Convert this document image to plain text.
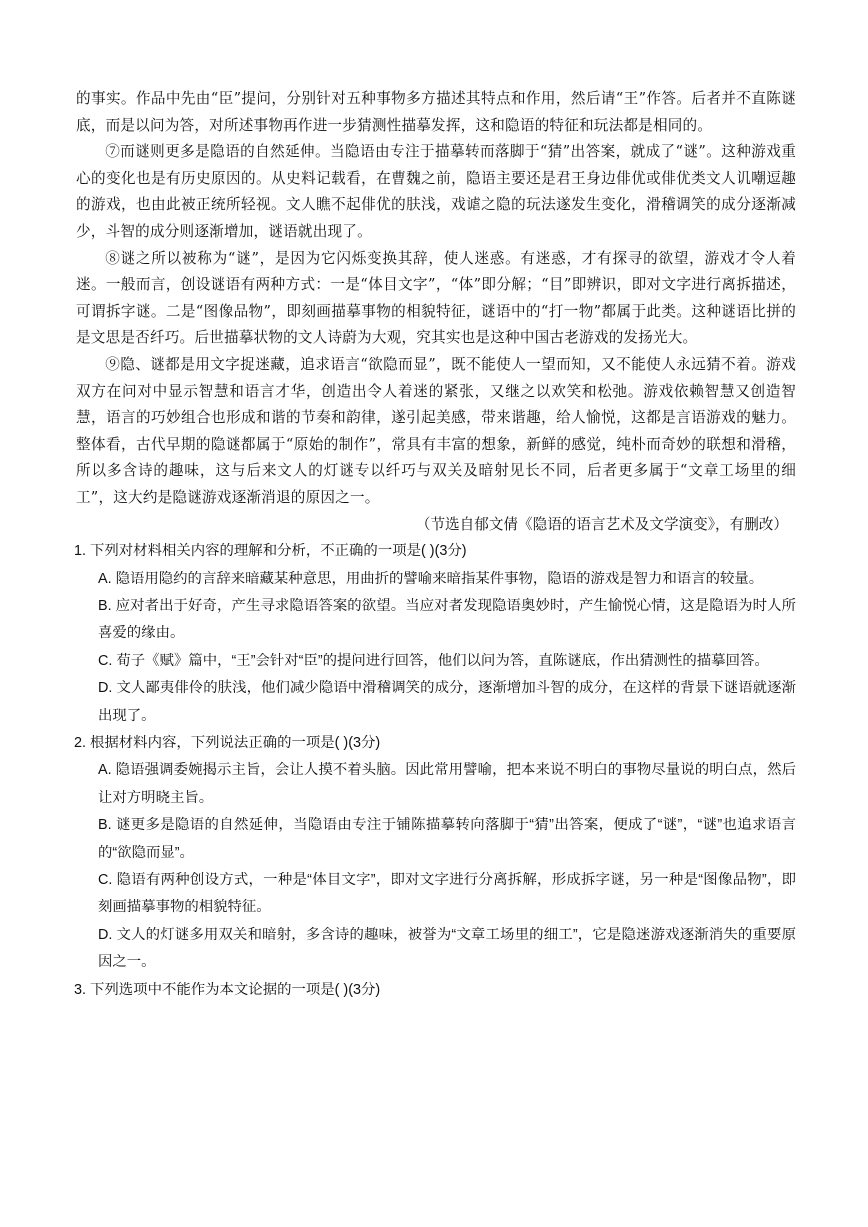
的事实。作品中先由“臣”提问，分别针对五种事物多方描述其特点和作用，然后请“王”作答。后者并不直陈谜底，而是以问为答，对所述事物再作进一步猜测性描摹发挥，这和隐语的特征和玩法都是相同的。

⑦而谜则更多是隐语的自然延伸。当隐语由专注于描摹转而落脚于“猜”出答案，就成了“谜”。这种游戏重心的变化也是有历史原因的。从史料记载看，在曹魏之前，隐语主要还是君王身边俳优或俳优类文人讥嘲逗趣的游戏，也由此被正统所轻视。文人瞧不起俳优的肤浅，戏谑之隐的玩法遂发生变化，滑稽调笑的成分逐渐减少，斗智的成分则逐渐增加，谜语就出现了。

⑧谜之所以被称为“谜”，是因为它闪烁变换其辞，使人迷惑。有迷惑，才有探寻的欲望，游戏才令人着迷。一般而言，创设谜语有两种方式：一是“体目文字”，“体”即分解；“目”即辨识，即对文字进行离拆描述，可谓拆字谜。二是“图像品物”，即刻画描摹事物的相貌特征，谜语中的“打一物”都属于此类。这种谜语比拼的是文思是否纤巧。后世描摹状物的文人诗蔚为大观，究其实也是这种中国古老游戏的发扬光大。

⑨隐、谜都是用文字捉迷藏，追求语言“欲隐而显”，既不能使人一望而知，又不能使人永远猜不着。游戏双方在问对中显示智慧和语言才华，创造出令人着迷的紧张，又继之以欢笑和松弛。游戏依赖智慧又创造智慧，语言的巧妙组合也形成和谐的节奏和韵律，遂引起美感，带来谐趣，给人愉悦，这都是言语游戏的魅力。整体看，古代早期的隐谜都属于“原始的制作”，常具有丰富的想象，新鲜的感觉，纯朴而奇妙的联想和滑稽，所以多含诗的趣味，这与后来文人的灯谜专以纤巧与双关及暗射见长不同，后者更多属于“文章工场里的细工”，这大约是隐谜游戏逐渐消退的原因之一。

（节选自郁文倩《隐语的语言艺术及文学演变》，有删改）

1. 下列对材料相关内容的理解和分析，不正确的一项是( )(3分)

A. 隐语用隐约的言辞来暗藏某种意思，用曲折的譬喻来暗指某件事物，隐语的游戏是智力和语言的较量。

B. 应对者出于好奇，产生寻求隐语答案的欲望。当应对者发现隐语奥妙时，产生愉悦心情，这是隐语为时人所喜爱的缘由。

C. 荀子《赋》篇中，“王”会针对“臣”的提问进行回答，他们以问为答，直陈谜底，作出猜测性的描摹回答。

D. 文人鄙夷俳伶的肤浅，他们减少隐语中滑稽调笑的成分，逐渐增加斗智的成分，在这样的背景下谜语就逐渐出现了。

2. 根据材料内容，下列说法正确的一项是( )(3分)

A. 隐语强调委婉揭示主旨，会让人摸不着头脑。因此常用譬喻，把本来说不明白的事物尽量说的明白点，然后让对方明晓主旨。

B. 谜更多是隐语的自然延伸，当隐语由专注于铺陈描摹转向落脚于“猜”出答案，便成了“谜”，“谜”也追求语言的“欲隐而显”。

C. 隐语有两种创设方式，一种是“体目文字”，即对文字进行分离拆解，形成拆字谜，另一种是“图像品物”，即刻画描摹事物的相貌特征。

D. 文人的灯谜多用双关和暗射，多含诗的趣味，被誉为“文章工场里的细工”，它是隐迷游戏逐渐消失的重要原因之一。

3. 下列选项中不能作为本文论据的一项是( )(3分)
